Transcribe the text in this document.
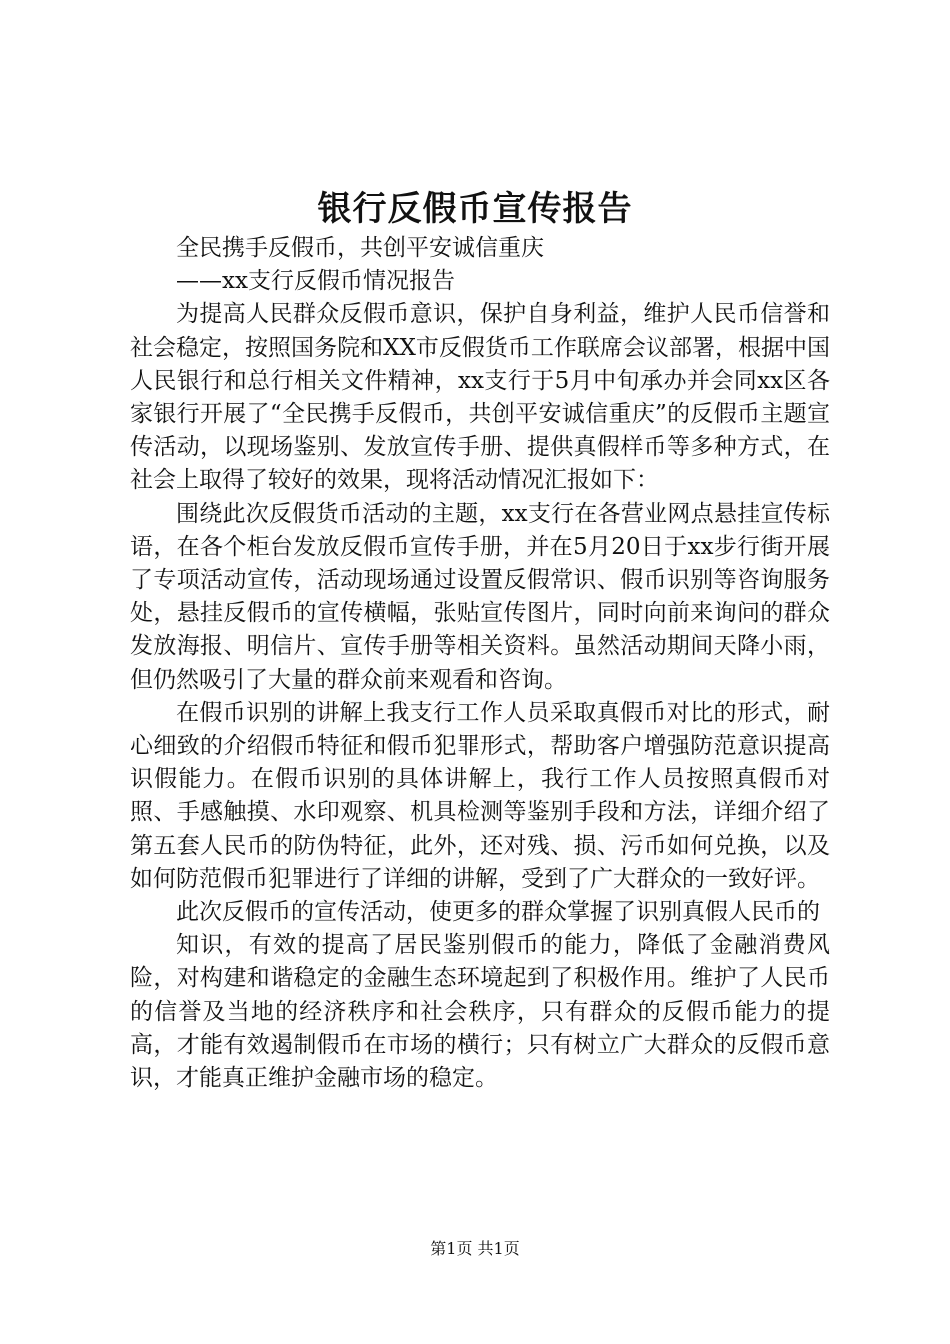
银行反假币宣传报告

全民携手反假币，共创平安诚信重庆

——xx支行反假币情况报告

为提高人民群众反假币意识，保护自身利益，维护人民币信誉和社会稳定，按照国务院和XX市反假货币工作联席会议部署，根据中国人民银行和总行相关文件精神，xx支行于5月中旬承办并会同xx区各家银行开展了“全民携手反假币，共创平安诚信重庆”的反假币主题宣传活动，以现场鉴别、发放宣传手册、提供真假样币等多种方式，在社会上取得了较好的效果，现将活动情况汇报如下：

围绕此次反假货币活动的主题，xx支行在各营业网点悬挂宣传标语，在各个柜台发放反假币宣传手册，并在5月20日于xx步行街开展了专项活动宣传，活动现场通过设置反假常识、假币识别等咨询服务处，悬挂反假币的宣传横幅，张贴宣传图片，同时向前来询问的群众发放海报、明信片、宣传手册等相关资料。虽然活动期间天降小雨，但仍然吸引了大量的群众前来观看和咨询。

在假币识别的讲解上我支行工作人员采取真假币对比的形式，耐心细致的介绍假币特征和假币犯罪形式，帮助客户增强防范意识提高识假能力。在假币识别的具体讲解上，我行工作人员按照真假币对照、手感触摸、水印观察、机具检测等鉴别手段和方法，详细介绍了第五套人民币的防伪特征，此外，还对残、损、污币如何兑换，以及如何防范假币犯罪进行了详细的讲解，受到了广大群众的一致好评。

此次反假币的宣传活动，使更多的群众掌握了识别真假人民币的

知识，有效的提高了居民鉴别假币的能力，降低了金融消费风险，对构建和谐稳定的金融生态环境起到了积极作用。维护了人民币的信誉及当地的经济秩序和社会秩序，只有群众的反假币能力的提高，才能有效遏制假币在市场的横行；只有树立广大群众的反假币意识，才能真正维护金融市场的稳定。

第1页 共1页
